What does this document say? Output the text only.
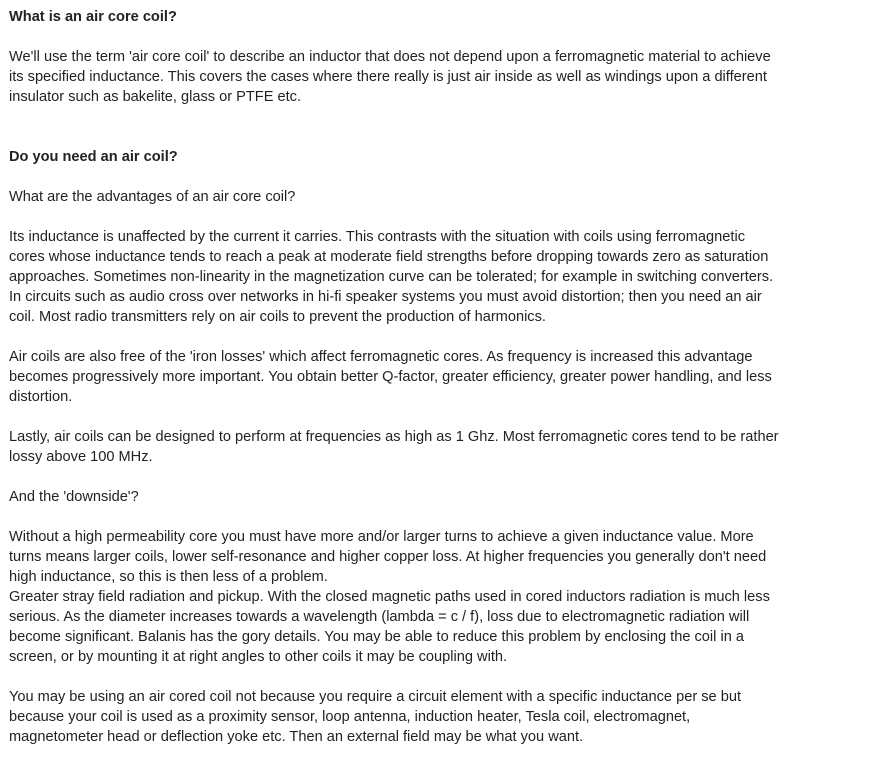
What is an air core coil?
We'll use the term 'air core coil' to describe an inductor that does not depend upon a ferromagnetic material to achieve
its specified inductance. This covers the cases where there really is just air inside as well as windings upon a different
insulator such as bakelite, glass or PTFE etc.
Do you need an air coil?
What are the advantages of an air core coil?
Its inductance is unaffected by the current it carries. This contrasts with the situation with coils using ferromagnetic
cores whose inductance tends to reach a peak at moderate field strengths before dropping towards zero as saturation
approaches. Sometimes non-linearity in the magnetization curve can be tolerated; for example in switching converters.
In circuits such as audio cross over networks in hi-fi speaker systems you must avoid distortion; then you need an air
coil. Most radio transmitters rely on air coils to prevent the production of harmonics.
Air coils are also free of the 'iron losses' which affect ferromagnetic cores. As frequency is increased this advantage
becomes progressively more important. You obtain better Q-factor, greater efficiency, greater power handling, and less
distortion.
Lastly, air coils can be designed to perform at frequencies as high as 1 Ghz. Most ferromagnetic cores tend to be rather
lossy above 100 MHz.
And the 'downside'?
Without a high permeability core you must have more and/or larger turns to achieve a given inductance value. More
turns means larger coils, lower self-resonance and higher copper loss. At higher frequencies you generally don't need
high inductance, so this is then less of a problem.
Greater stray field radiation and pickup. With the closed magnetic paths used in cored inductors radiation is much less
serious. As the diameter increases towards a wavelength (lambda = c / f), loss due to electromagnetic radiation will
become significant. Balanis has the gory details. You may be able to reduce this problem by enclosing the coil in a
screen, or by mounting it at right angles to other coils it may be coupling with.
You may be using an air cored coil not because you require a circuit element with a specific inductance per se but
because your coil is used as a proximity sensor, loop antenna, induction heater, Tesla coil, electromagnet,
magnetometer head or deflection yoke etc. Then an external field may be what you want.
